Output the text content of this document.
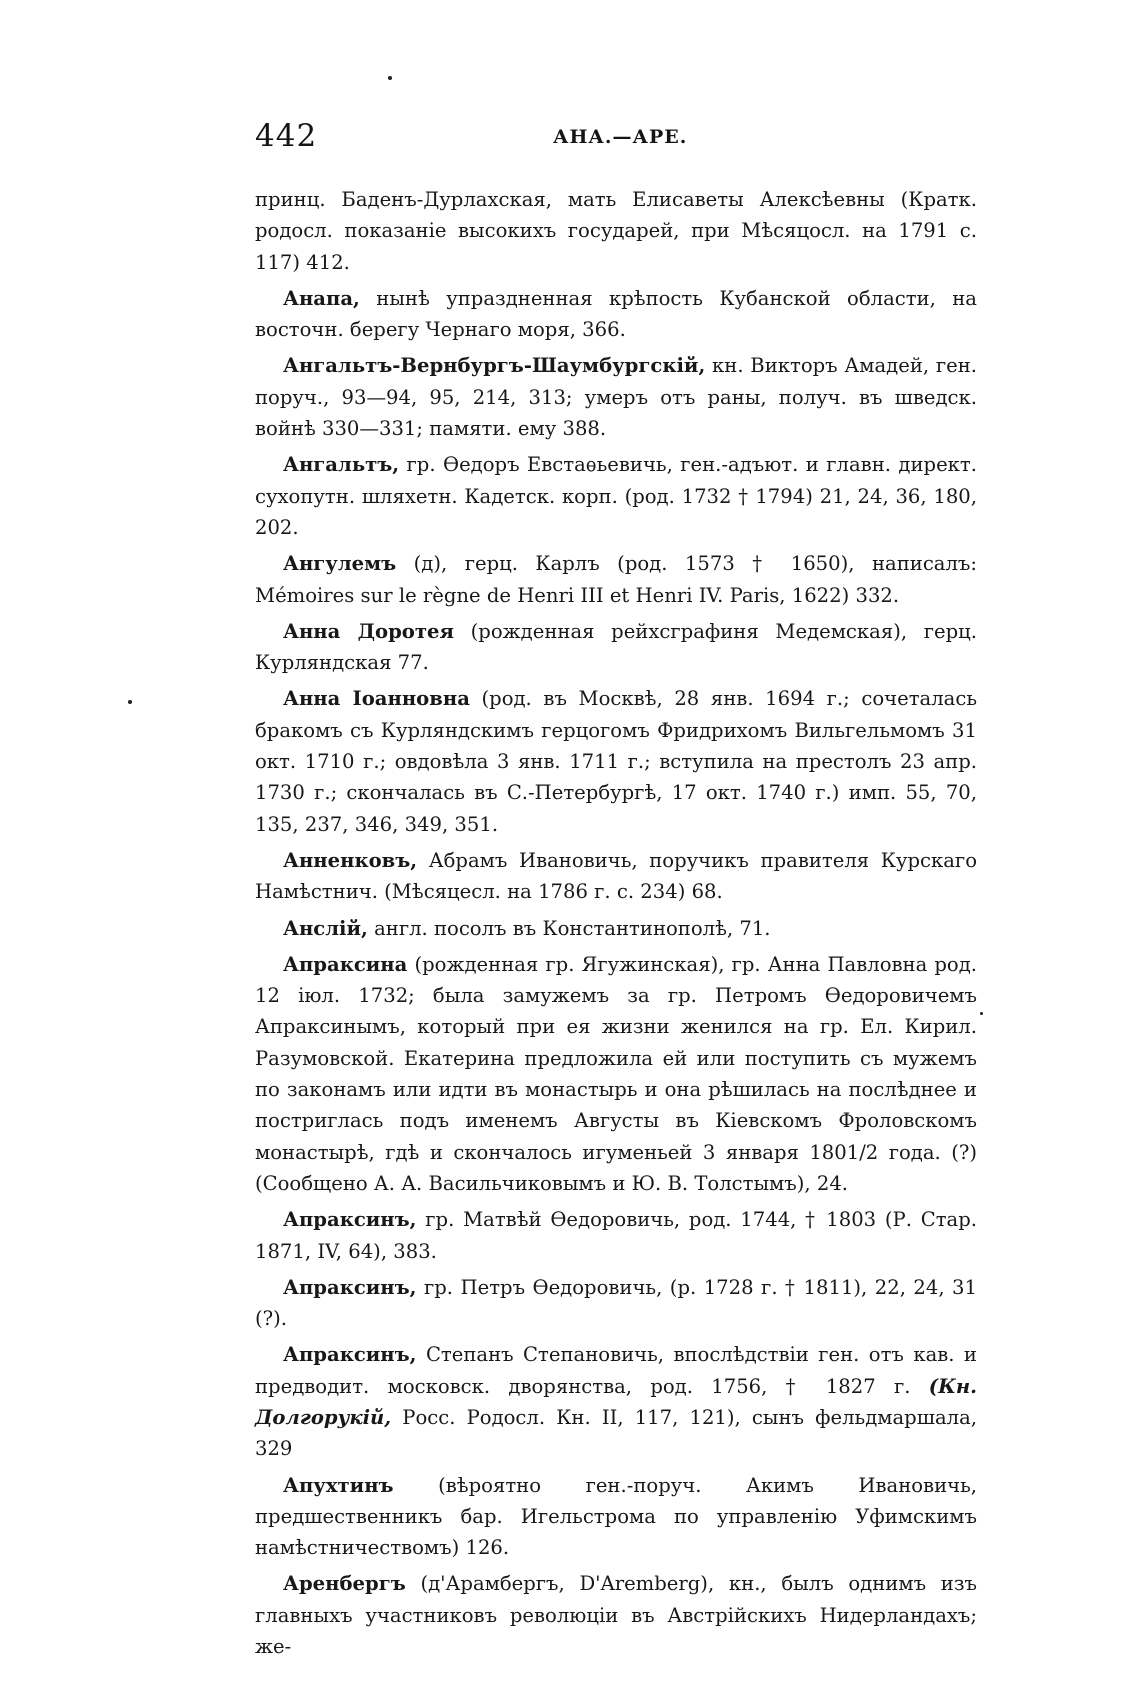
442	АНА.—АРЕ.

принц. Баденъ-Дурлахская, мать Елисаветы Алексѣевны (Кратк. родосл. показаніе высокихъ государей, при Мѣсяцосл. на 1791 с. 117) 412.

Анапа, нынѣ упраздненная крѣпость Кубанской области, на восточн. берегу Чернаго моря, 366.

Ангальтъ-Вернбургъ-Шаумбургскій, кн. Викторъ Амадей, ген. поруч., 93—94, 95, 214, 313; умеръ отъ раны, получ. въ шведск. войнѣ 330—331; памяти. ему 388.

Ангальтъ, гр. Ѳедоръ Евстаѳьевичь, ген.-адъют. и главн. директ. сухопутн. шляхетн. Кадетск. корп. (род. 1732 † 1794) 21, 24, 36, 180, 202.

Ангулемъ (д), герц. Карлъ (род. 1573 † 1650), написалъ: Mémoires sur le règne de Henri III et Henri IV. Paris, 1622) 332.

Анна Доротея (рожденная рейхсграфиня Медемская), герц. Курляндская 77.

Анна Іоанновна (род. въ Москвѣ, 28 янв. 1694 г.; сочеталась бракомъ съ Курляндскимъ герцогомъ Фридрихомъ Вильгельмомъ 31 окт. 1710 г.; овдовѣла 3 янв. 1711 г.; вступила на престолъ 23 апр. 1730 г.; скончалась въ С.-Петербургѣ, 17 окт. 1740 г.) имп. 55, 70, 135, 237, 346, 349, 351.

Анненковъ, Абрамъ Ивановичь, поручикъ правителя Курскаго Намѣстнич. (Мѣсяцесл. на 1786 г. с. 234) 68.

Анслій, англ. посолъ въ Константинополѣ, 71.

Апраксина (рожденная гр. Ягужинская), гр. Анна Павловна род. 12 іюл. 1732; была замужемъ за гр. Петромъ Ѳедоровичемъ Апраксинымъ, который при ея жизни женился на гр. Ел. Кирил. Разумовской. Екатерина предложила ей или поступить съ мужемъ по законамъ или идти въ монастырь и она рѣшилась на послѣднее и постриглась подъ именемъ Августы въ Кіевскомъ Фроловскомъ монастырѣ, гдѣ и скончалось игуменьей 3 января 1801/2 года. (?) (Сообщено А. А. Васильчиковымъ и Ю. В. Толстымъ), 24.

Апраксинъ, гр. Матвѣй Ѳедоровичь, род. 1744, † 1803 (Р. Стар. 1871, IV, 64), 383.

Апраксинъ, гр. Петръ Ѳедоровичь, (р. 1728 г. † 1811), 22, 24, 31 (?).

Апраксинъ, Степанъ Степановичь, впослѣдствіи ген. отъ кав. и предводит. московск. дворянства, род. 1756, † 1827 г. (Кн. Долгорукій, Росс. Родосл. Кн. II, 117, 121), сынъ фельдмаршала, 329

Апухтинъ (вѣроятно ген.-поруч. Акимъ Ивановичь, предшественникъ бар. Игельстрома по управленію Уфимскимъ намѣстничествомъ) 126.

Аренбергъ (д'Арамбергъ, D'Aremberg), кн., былъ однимъ изъ главныхъ участниковъ революціи въ Австрійскихъ Нидерландахъ; же-
